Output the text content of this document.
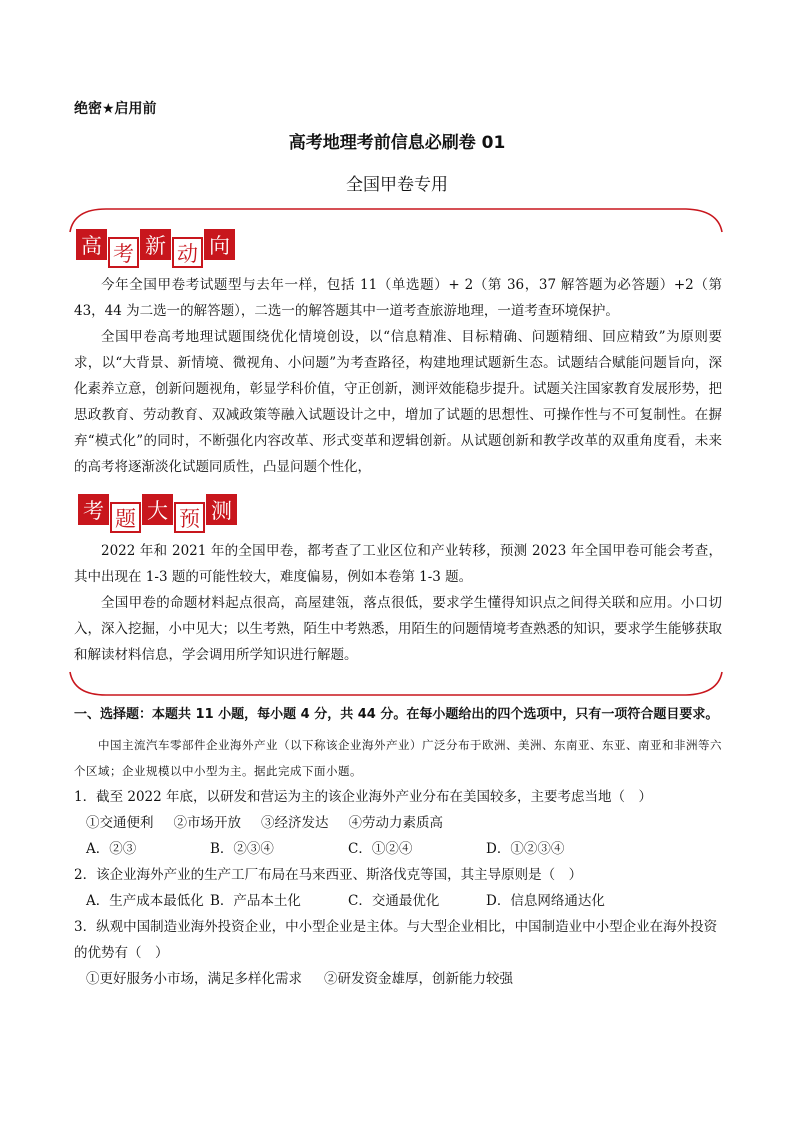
绝密★启用前
高考地理考前信息必刷卷 01
全国甲卷专用
高 考 新 动 向
今年全国甲卷考试题型与去年一样，包括 11（单选题）+ 2（第 36，37 解答题为必答题）+2（第 43，44 为二选一的解答题），二选一的解答题其中一道考查旅游地理，一道考查环境保护。
全国甲卷高考地理试题围绕优化情境创设，以“信息精准、目标精确、问题精细、回应精致”为原则要求，以“大背景、新情境、微视角、小问题”为考查路径，构建地理试题新生态。试题结合赋能问题旨向，深化素养立意，创新问题视角，彰显学科价值，守正创新，测评效能稳步提升。试题关注国家教育发展形势，把思政教育、劳动教育、双减政策等融入试题设计之中，增加了试题的思想性、可操作性与不可复制性。在摒弃“模式化”的同时，不断强化内容改革、形式变革和逻辑创新。从试题创新和教学改革的双重角度看，未来的高考将逐渐淡化试题同质性，凸显问题个性化，
考 题 大 预 测
2022 年和 2021 年的全国甲卷，都考查了工业区位和产业转移，预测 2023 年全国甲卷可能会考查，其中出现在 1-3 题的可能性较大，难度偏易，例如本卷第 1-3 题。
全国甲卷的命题材料起点很高，高屋建瓴，落点很低，要求学生懂得知识点之间得关联和应用。小口切入，深入挖掘，小中见大；以生考熟，陌生中考熟悉，用陌生的问题情境考查熟悉的知识，要求学生能够获取和解读材料信息，学会调用所学知识进行解题。
一、选择题：本题共 11 小题，每小题 4 分，共 44 分。在每小题给出的四个选项中，只有一项符合题目要求。
中国主流汽车零部件企业海外产业（以下称该企业海外产业）广泛分布于欧洲、美洲、东南亚、东亚、南亚和非洲等六个区域；企业规模以中小型为主。据此完成下面小题。
1．截至 2022 年底，以研发和营运为主的该企业海外产业分布在美国较多，主要考虑当地（　）
①交通便利 ②市场开放 ③经济发达 ④劳动力素质高
A．②③	B．②③④	C．①②④	D．①②③④
2．该企业海外产业的生产工厂布局在马来西亚、斯洛伐克等国，其主导原则是（　）
A．生产成本最低化 B．产品本土化	C．交通最优化	D．信息网络通达化
3．纵观中国制造业海外投资企业，中小型企业是主体。与大型企业相比，中国制造业中小型企业在海外投资的优势有（　）
①更好服务小市场，满足多样化需求 ②研发资金雄厚，创新能力较强
